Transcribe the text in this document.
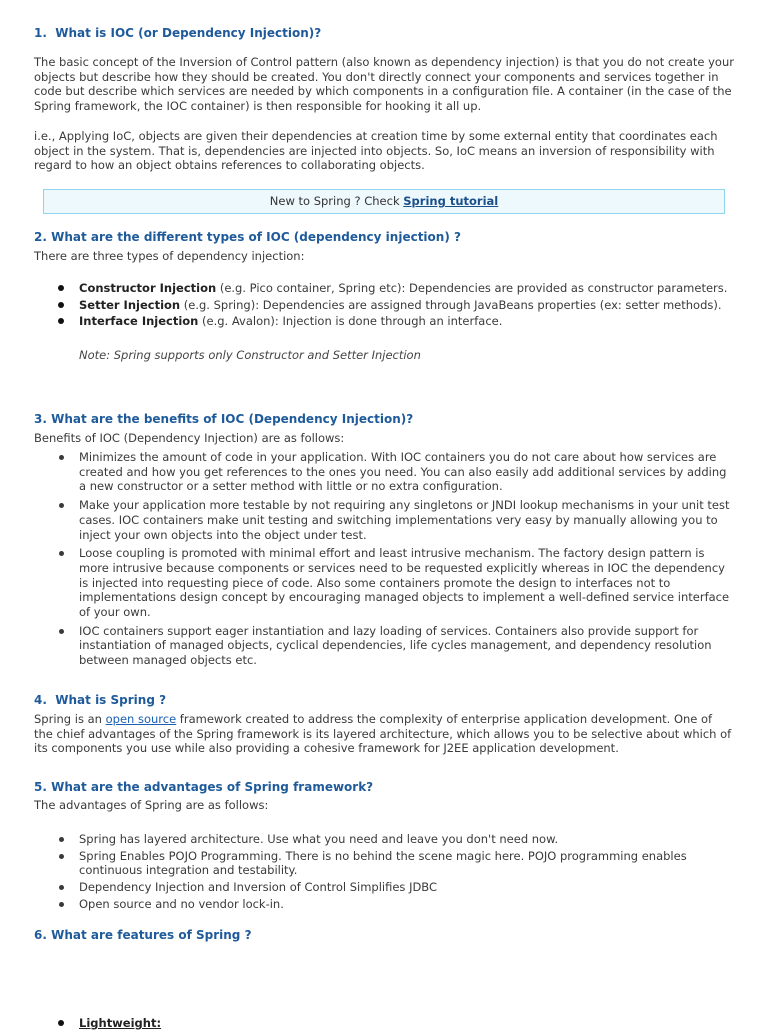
1. What is IOC (or Dependency Injection)?

The basic concept of the Inversion of Control pattern (also known as dependency injection) is that you do not create your objects but describe how they should be created. You don't directly connect your components and services together in code but describe which services are needed by which components in a configuration file. A container (in the case of the Spring framework, the IOC container) is then responsible for hooking it all up.

i.e., Applying IoC, objects are given their dependencies at creation time by some external entity that coordinates each object in the system. That is, dependencies are injected into objects. So, IoC means an inversion of responsibility with regard to how an object obtains references to collaborating objects.

New to Spring ? Check Spring tutorial
2. What are the different types of IOC (dependency injection) ?

There are three types of dependency injection:

Constructor Injection (e.g. Pico container, Spring etc): Dependencies are provided as constructor parameters.
Setter Injection (e.g. Spring): Dependencies are assigned through JavaBeans properties (ex: setter methods).
Interface Injection (e.g. Avalon): Injection is done through an interface.
Note: Spring supports only Constructor and Setter Injection
3. What are the benefits of IOC (Dependency Injection)?

Benefits of IOC (Dependency Injection) are as follows:

Minimizes the amount of code in your application. With IOC containers you do not care about how services are created and how you get references to the ones you need. You can also easily add additional services by adding a new constructor or a setter method with little or no extra configuration.
Make your application more testable by not requiring any singletons or JNDI lookup mechanisms in your unit test cases. IOC containers make unit testing and switching implementations very easy by manually allowing you to inject your own objects into the object under test.
Loose coupling is promoted with minimal effort and least intrusive mechanism. The factory design pattern is more intrusive because components or services need to be requested explicitly whereas in IOC the dependency is injected into requesting piece of code. Also some containers promote the design to interfaces not to implementations design concept by encouraging managed objects to implement a well-defined service interface of your own.
IOC containers support eager instantiation and lazy loading of services. Containers also provide support for instantiation of managed objects, cyclical dependencies, life cycles management, and dependency resolution between managed objects etc.
4. What is Spring ?

Spring is an open source framework created to address the complexity of enterprise application development. One of the chief advantages of the Spring framework is its layered architecture, which allows you to be selective about which of its components you use while also providing a cohesive framework for J2EE application development.

5. What are the advantages of Spring framework?

The advantages of Spring are as follows:

Spring has layered architecture. Use what you need and leave you don't need now.
Spring Enables POJO Programming. There is no behind the scene magic here. POJO programming enables continuous integration and testability.
Dependency Injection and Inversion of Control Simplifies JDBC
Open source and no vendor lock-in.
6. What are features of Spring ?
Lightweight:
